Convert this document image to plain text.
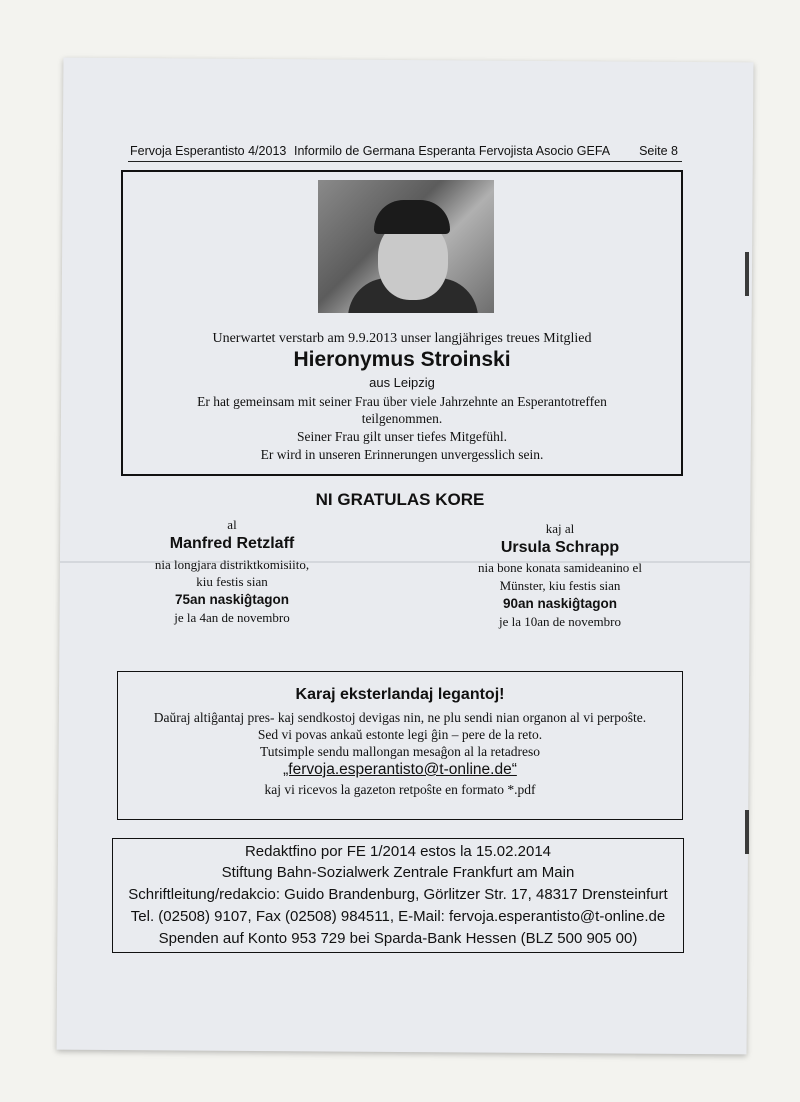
Fervoja Esperantisto 4/2013 Informilo de Germana Esperanta Fervojista Asocio GEFA Seite 8
Unerwartet verstarb am 9.9.2013 unser langjähriges treues Mitglied
Hieronymus Stroinski
aus Leipzig
Er hat gemeinsam mit seiner Frau über viele Jahrzehnte an Esperantotreffen
teilgenommen.
Seiner Frau gilt unser tiefes Mitgefühl.
Er wird in unseren Erinnerungen unvergesslich sein.
NI GRATULAS KORE
al
Manfred Retzlaff
nia longjara distriktkomisiito,
kiu festis sian
75an naskiĝtagon
je la 4an de novembro
kaj al
Ursula Schrapp
nia bone konata samideanino el
Münster, kiu festis sian
90an naskiĝtagon
je la 10an de novembro
Karaj eksterlandaj legantoj!
Daŭraj altiĝantaj pres- kaj sendkostoj devigas nin, ne plu sendi nian organon al vi perpoŝte.
Sed vi povas ankaŭ estonte legi ĝin – pere de la reto.
Tutsimple sendu mallongan mesaĝon al la retadreso
„fervoja.esperantisto@t-online.de“
kaj vi ricevos la gazeton retpoŝte en formato *.pdf
Redaktfino por FE 1/2014 estos la 15.02.2014
Stiftung Bahn-Sozialwerk Zentrale Frankfurt am Main
Schriftleitung/redakcio: Guido Brandenburg, Görlitzer Str. 17, 48317 Drensteinfurt
Tel. (02508) 9107, Fax (02508) 984511, E-Mail: fervoja.esperantisto@t-online.de
Spenden auf Konto 953 729 bei Sparda-Bank Hessen (BLZ 500 905 00)
